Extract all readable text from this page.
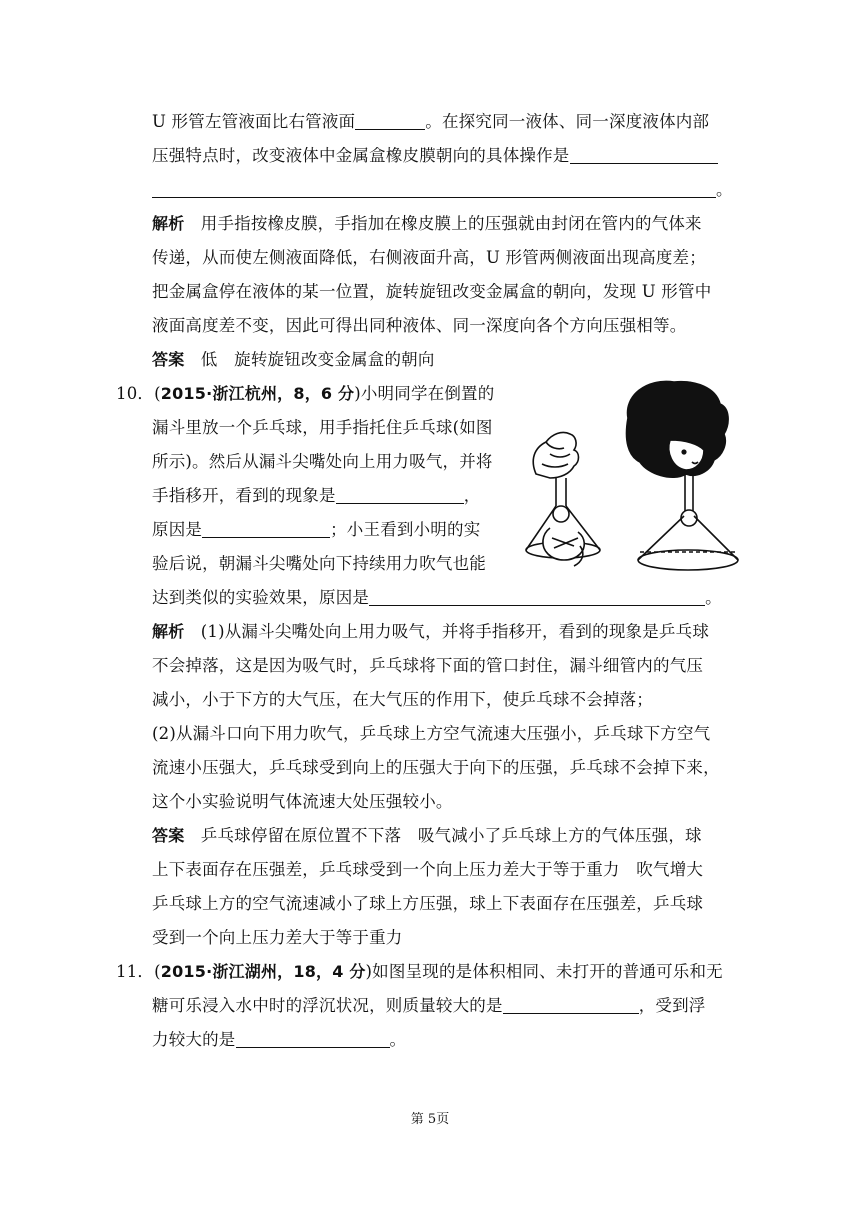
U 形管左管液面比右管液面	。在探究同一液体、同一深度液体内部
压强特点时，改变液体中金属盒橡皮膜朝向的具体操作是
。
解析 用手指按橡皮膜，手指加在橡皮膜上的压强就由封闭在管内的气体来
传递，从而使左侧液面降低，右侧液面升高，U 形管两侧液面出现高度差；
把金属盒停在液体的某一位置，旋转旋钮改变金属盒的朝向，发现 U 形管中
液面高度差不变，因此可得出同种液体、同一深度向各个方向压强相等。
答案 低　旋转旋钮改变金属盒的朝向
10．(2015·浙江杭州，8，6 分)小明同学在倒置的
漏斗里放一个乒乓球，用手指托住乒乓球(如图
所示)。然后从漏斗尖嘴处向上用力吸气，并将
手指移开，看到的现象是	，
原因是	；小王看到小明的实
验后说，朝漏斗尖嘴处向下持续用力吹气也能
达到类似的实验效果，原因是	。
解析 (1)从漏斗尖嘴处向上用力吸气，并将手指移开，看到的现象是乒乓球
不会掉落，这是因为吸气时，乒乓球将下面的管口封住，漏斗细管内的气压
减小，小于下方的大气压，在大气压的作用下，使乒乓球不会掉落；
(2)从漏斗口向下用力吹气，乒乓球上方空气流速大压强小，乒乓球下方空气
流速小压强大，乒乓球受到向上的压强大于向下的压强，乒乓球不会掉下来，
这个小实验说明气体流速大处压强较小。
答案 乒乓球停留在原位置不下落　吸气减小了乒乓球上方的气体压强，球
上下表面存在压强差，乒乓球受到一个向上压力差大于等于重力　吹气增大
乒乓球上方的空气流速减小了球上方压强，球上下表面存在压强差，乒乓球
受到一个向上压力差大于等于重力
11．(2015·浙江湖州，18，4 分)如图呈现的是体积相同、未打开的普通可乐和无
糖可乐浸入水中时的浮沉状况，则质量较大的是	，受到浮
力较大的是	。
第 5页
